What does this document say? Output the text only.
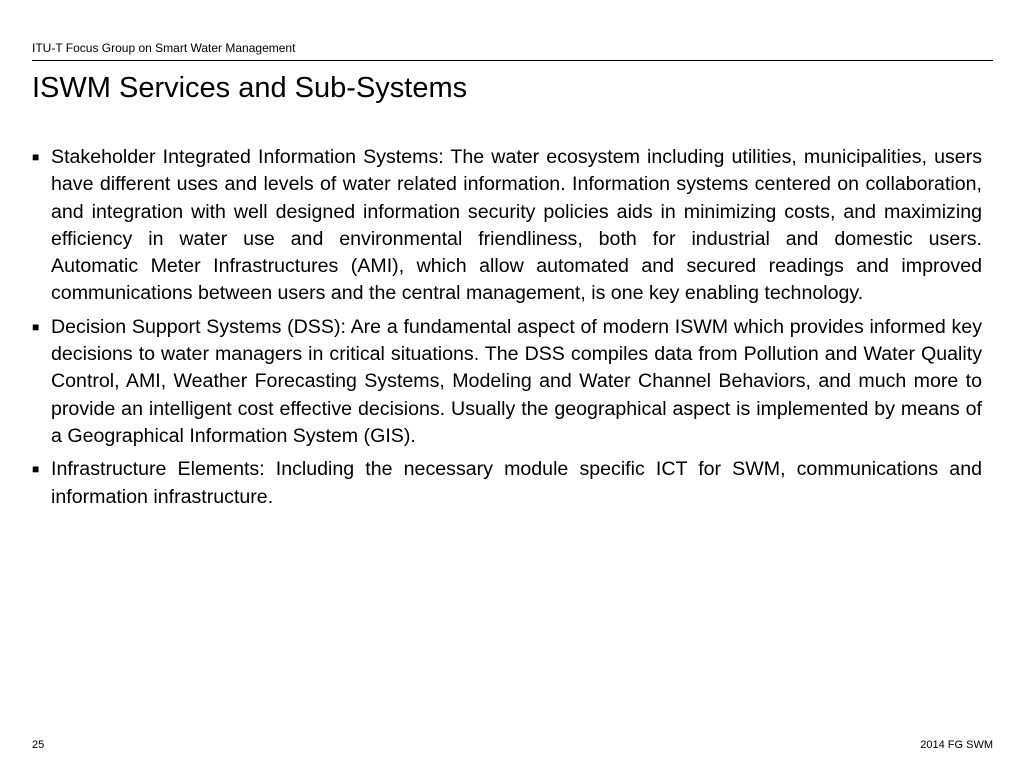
ITU-T Focus Group on Smart Water Management
ISWM Services and Sub-Systems
■ Stakeholder Integrated Information Systems: The water ecosystem including utilities, municipalities, users have different uses and levels of water related information. Information systems centered on collaboration, and integration with well designed information security policies aids in minimizing costs, and maximizing efficiency in water use and environmental friendliness, both for industrial and domestic users.
Automatic Meter Infrastructures (AMI), which allow automated and secured readings and improved communications between users and the central management, is one key enabling technology.
■ Decision Support Systems (DSS): Are a fundamental aspect of modern ISWM which provides informed key decisions to water managers in critical situations. The DSS compiles data from Pollution and Water Quality Control, AMI, Weather Forecasting Systems, Modeling and Water Channel Behaviors, and much more to provide an intelligent cost effective decisions. Usually the geographical aspect is implemented by means of a Geographical Information System (GIS).
■ Infrastructure Elements: Including the necessary module specific ICT for SWM, communications and information infrastructure.
25	2014 FG SWM
